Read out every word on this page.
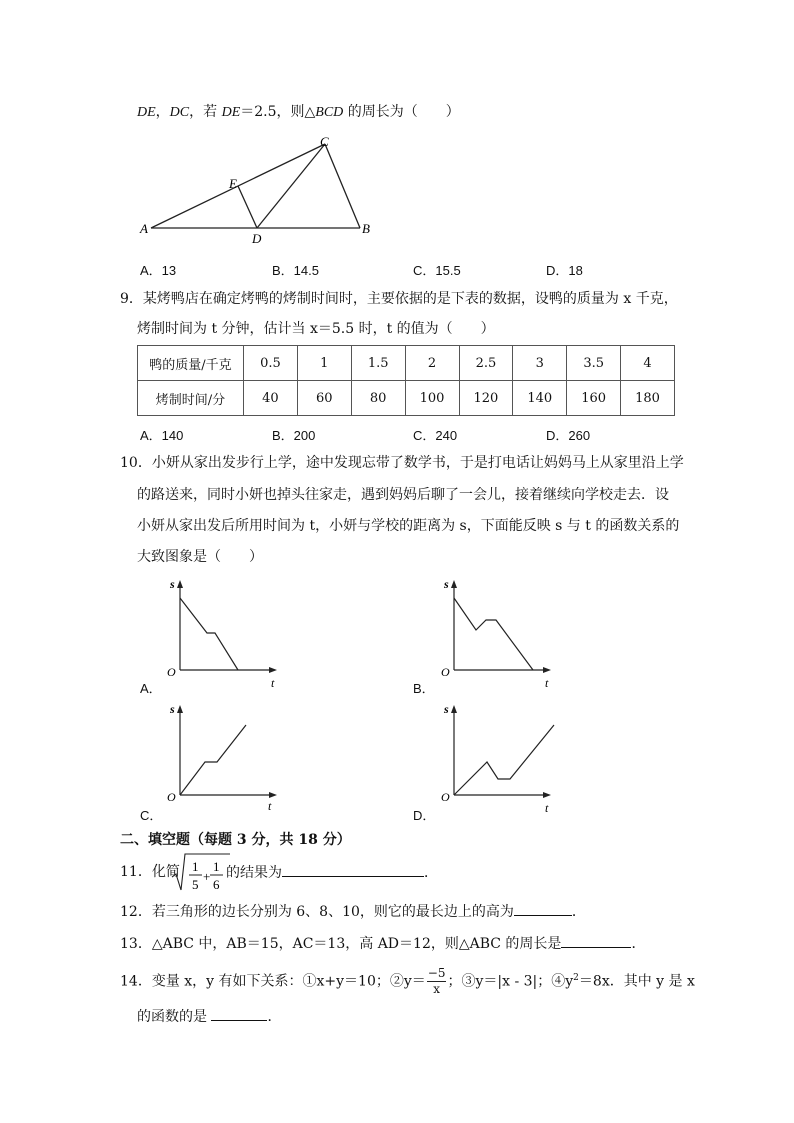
DE，DC，若 DE＝2.5，则△BCD 的周长为（　　）
A	B
C
D
E
A．13	B．14.5	C．15.5	D．18
9．某烤鸭店在确定烤鸭的烤制时间时，主要依据的是下表的数据，设鸭的质量为 x 千克，
烤制时间为 t 分钟，估计当 x＝5.5 时，t 的值为（　　）
鸭的质量/千克	0.5	1	1.5	2	2.5	3	3.5	4
烤制时间/分	40	60	80	100	120	140	160	180
A．140	B．200	C．240	D．260
10．小妍从家出发步行上学，途中发现忘带了数学书，于是打电话让妈妈马上从家里沿上学
的路送来，同时小妍也掉头往家走，遇到妈妈后聊了一会儿，接着继续向学校走去．设
小妍从家出发后所用时间为 t，小妍与学校的距离为 s，下面能反映 s 与 t 的函数关系的
大致图象是（　　）
s
t
O
A．
s
t
O
B．
s
t
O
C．
s
t
O
D．
二、填空题（每题 3 分，共 18 分）
11．化简 1
5
+
1
6
的结果为	．
12．若三角形的边长分别为 6、8、10，则它的最长边上的高为	．
13．△ABC 中，AB＝15，AC＝13，高 AD＝12，则△ABC 的周长是	．
14．变量 x，y 有如下关系：①x+y＝10；②y＝ $\frac{-5}{x}$ ；③y＝|x - 3|；$④y^2=8x$．其中 y 是 x
的函数的是	．
